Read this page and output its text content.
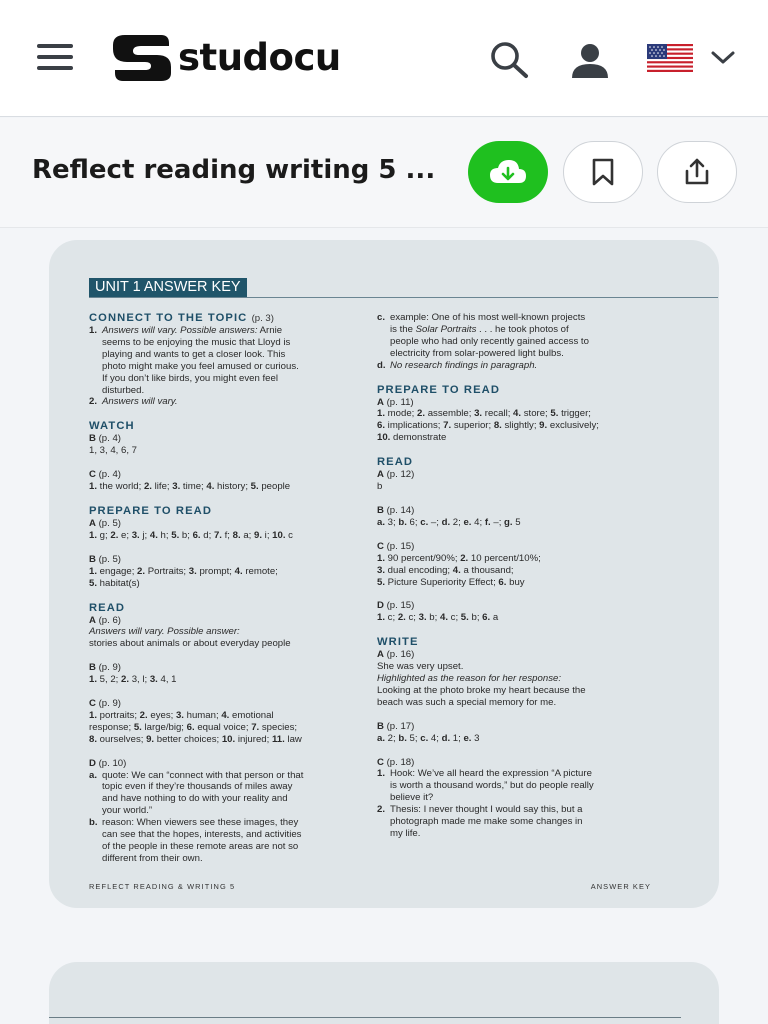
studocu
Reflect reading writing 5 ...
UNIT 1 ANSWER KEY
CONNECT TO THE TOPIC (p. 3)
1. Answers will vary. Possible answers: Arnie
seems to be enjoying the music that Lloyd is
playing and wants to get a closer look. This
photo might make you feel amused or curious.
If you don’t like birds, you might even feel
disturbed.
2. Answers will vary.
WATCH
B (p. 4)
1, 3, 4, 6, 7
C (p. 4)
1. the world; 2. life; 3. time; 4. history; 5. people
PREPARE TO READ
A (p. 5)
1. g; 2. e; 3. j; 4. h; 5. b; 6. d; 7. f; 8. a; 9. i; 10. c
B (p. 5)
1. engage; 2. Portraits; 3. prompt; 4. remote;
5. habitat(s)
READ
A (p. 6)
Answers will vary. Possible answer:
stories about animals or about everyday people
B (p. 9)
1. 5, 2; 2. 3, l; 3. 4, 1
C (p. 9)
1. portraits; 2. eyes; 3. human; 4. emotional
response; 5. large/big; 6. equal voice; 7. species;
8. ourselves; 9. better choices; 10. injured; 11. law
D (p. 10)
a. quote: We can “connect with that person or that
topic even if they’re thousands of miles away
and have nothing to do with your reality and
your world.”
b. reason: When viewers see these images, they
can see that the hopes, interests, and activities
of the people in these remote areas are not so
different from their own.
c. example: One of his most well-known projects
is the Solar Portraits . . . he took photos of
people who had only recently gained access to
electricity from solar-powered light bulbs.
d. No research findings in paragraph.
PREPARE TO READ
A (p. 11)
1. mode; 2. assemble; 3. recall; 4. store; 5. trigger;
6. implications; 7. superior; 8. slightly; 9. exclusively;
10. demonstrate
READ
A (p. 12)
b
B (p. 14)
a. 3; b. 6; c. –; d. 2; e. 4; f. –; g. 5
C (p. 15)
1. 90 percent/90%; 2. 10 percent/10%;
3. dual encoding; 4. a thousand;
5. Picture Superiority Effect; 6. buy
D (p. 15)
1. c; 2. c; 3. b; 4. c; 5. b; 6. a
WRITE
A (p. 16)
She was very upset.
Highlighted as the reason for her response:
Looking at the photo broke my heart because the
beach was such a special memory for me.
B (p. 17)
a. 2; b. 5; c. 4; d. 1; e. 3
C (p. 18)
1. Hook: We’ve all heard the expression “A picture
is worth a thousand words,” but do people really
believe it?
2. Thesis: I never thought I would say this, but a
photograph made me make some changes in
my life.
REFLECT READING & WRITING 5	ANSWER KEY
